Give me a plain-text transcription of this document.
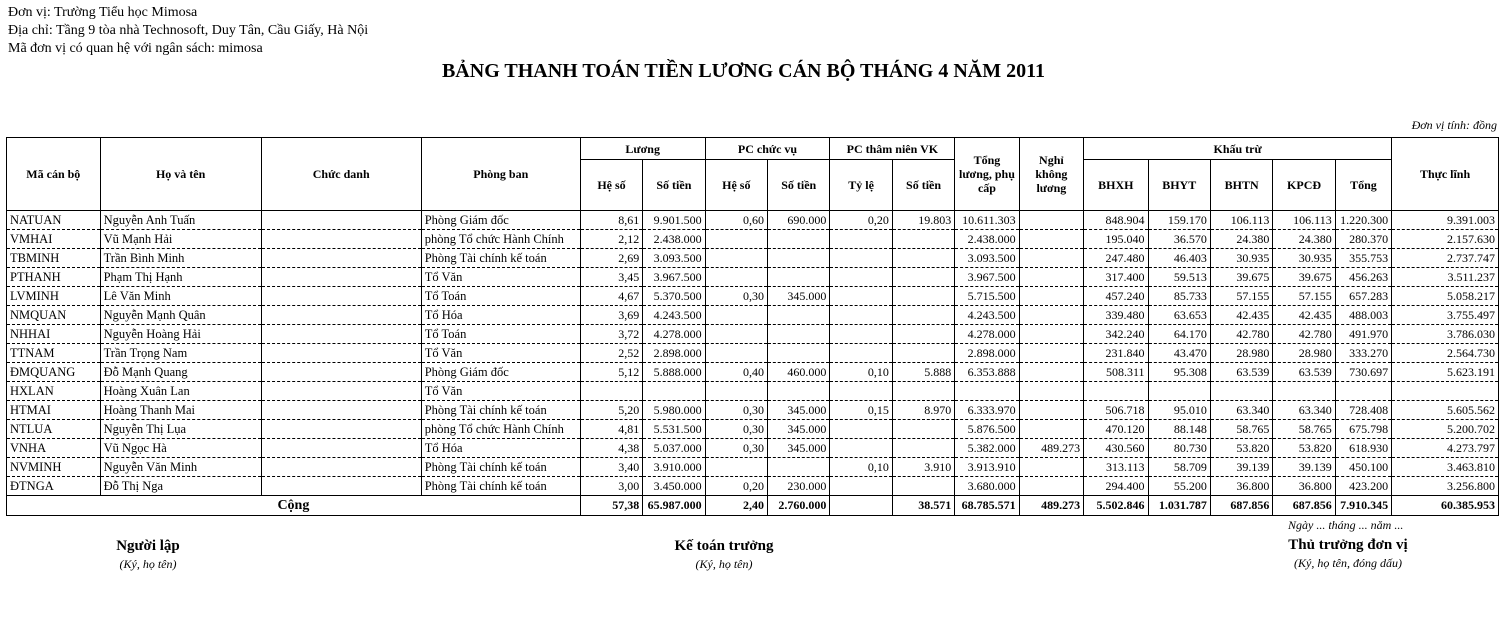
Đơn vị: Trường Tiểu học Mimosa
Địa chỉ: Tầng 9 tòa nhà Technosoft, Duy Tân, Cầu Giấy, Hà Nội
Mã đơn vị có quan hệ với ngân sách: mimosa
BẢNG THANH TOÁN TIỀN LƯƠNG CÁN BỘ THÁNG 4 NĂM 2011
Đơn vị tính: đồng
Mã cán bộ	Họ và tên	Chức danh	Phòng ban	Lương		PC chức vụ		PC thâm niên VK		Tổng lương, phụ cấp	Nghỉ không lương	Khấu trừ					Thực lĩnh
				Hệ số	Số tiền	Hệ số	Số tiền	Tỷ lệ	Số tiền			BHXH	BHYT	BHTN	KPCĐ	Tổng	
NATUAN	Nguyễn Anh Tuấn		Phòng Giám đốc	8,61	9.901.500	0,60	690.000	0,20	19.803	10.611.303		848.904	159.170	106.113	106.113	1.220.300	9.391.003
VMHAI	Vũ Mạnh Hải		phòng Tổ chức Hành Chính	2,12	2.438.000					2.438.000		195.040	36.570	24.380	24.380	280.370	2.157.630
TBMINH	Trần Bình Minh		Phòng Tài chính kế toán	2,69	3.093.500					3.093.500		247.480	46.403	30.935	30.935	355.753	2.737.747
PTHANH	Phạm Thị Hạnh		Tổ Văn	3,45	3.967.500					3.967.500		317.400	59.513	39.675	39.675	456.263	3.511.237
LVMINH	Lê Văn Minh		Tổ Toán	4,67	5.370.500	0,30	345.000			5.715.500		457.240	85.733	57.155	57.155	657.283	5.058.217
NMQUAN	Nguyễn Mạnh Quân		Tổ Hóa	3,69	4.243.500					4.243.500		339.480	63.653	42.435	42.435	488.003	3.755.497
NHHAI	Nguyễn Hoàng Hải		Tổ Toán	3,72	4.278.000					4.278.000		342.240	64.170	42.780	42.780	491.970	3.786.030
TTNAM	Trần Trọng Nam		Tổ Văn	2,52	2.898.000					2.898.000		231.840	43.470	28.980	28.980	333.270	2.564.730
ĐMQUANG	Đỗ Mạnh Quang		Phòng Giám đốc	5,12	5.888.000	0,40	460.000	0,10	5.888	6.353.888		508.311	95.308	63.539	63.539	730.697	5.623.191
HXLAN	Hoàng Xuân Lan		Tổ Văn														
HTMAI	Hoàng Thanh Mai		Phòng Tài chính kế toán	5,20	5.980.000	0,30	345.000	0,15	8.970	6.333.970		506.718	95.010	63.340	63.340	728.408	5.605.562
NTLUA	Nguyễn Thị Lụa		phòng Tổ chức Hành Chính	4,81	5.531.500	0,30	345.000			5.876.500		470.120	88.148	58.765	58.765	675.798	5.200.702
VNHA	Vũ Ngọc Hà		Tổ Hóa	4,38	5.037.000	0,30	345.000			5.382.000	489.273	430.560	80.730	53.820	53.820	618.930	4.273.797
NVMINH	Nguyễn Văn Minh		Phòng Tài chính kế toán	3,40	3.910.000			0,10	3.910	3.913.910		313.113	58.709	39.139	39.139	450.100	3.463.810
ĐTNGA	Đỗ Thị Nga		Phòng Tài chính kế toán	3,00	3.450.000	0,20	230.000			3.680.000		294.400	55.200	36.800	36.800	423.200	3.256.800
Cộng				57,38	65.987.000	2,40	2.760.000		38.571	68.785.571	489.273	5.502.846	1.031.787	687.856	687.856	7.910.345	60.385.953
Ngày ... tháng ... năm ...
Người lập
(Ký, họ tên)
Kế toán trưởng
(Ký, họ tên)
Thủ trưởng đơn vị
(Ký, họ tên, đóng dấu)
